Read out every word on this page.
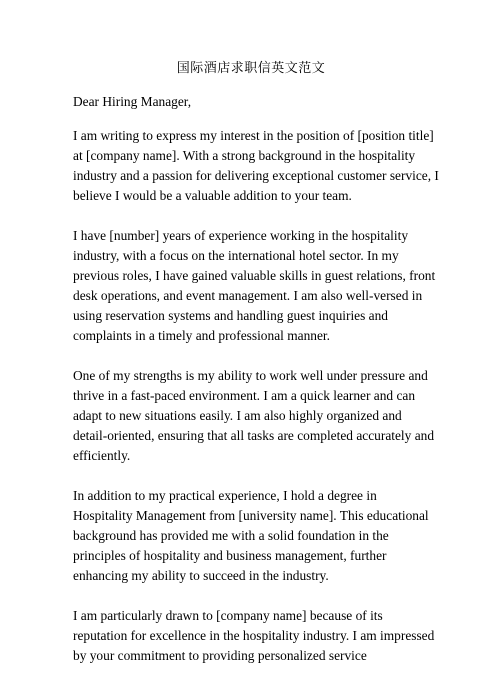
国际酒店求职信英文范文

Dear Hiring Manager,

I am writing to express my interest in the position of [position title] at [company name]. With a strong background in the hospitality industry and a passion for delivering exceptional customer service, I believe I would be a valuable addition to your team.

I have [number] years of experience working in the hospitality industry, with a focus on the international hotel sector. In my previous roles, I have gained valuable skills in guest relations, front desk operations, and event management. I am also well-versed in using reservation systems and handling guest inquiries and complaints in a timely and professional manner.

One of my strengths is my ability to work well under pressure and thrive in a fast-paced environment. I am a quick learner and can adapt to new situations easily. I am also highly organized and detail-oriented, ensuring that all tasks are completed accurately and efficiently.

In addition to my practical experience, I hold a degree in Hospitality Management from [university name]. This educational background has provided me with a solid foundation in the principles of hospitality and business management, further enhancing my ability to succeed in the industry.

I am particularly drawn to [company name] because of its reputation for excellence in the hospitality industry. I am impressed by your commitment to providing personalized service
